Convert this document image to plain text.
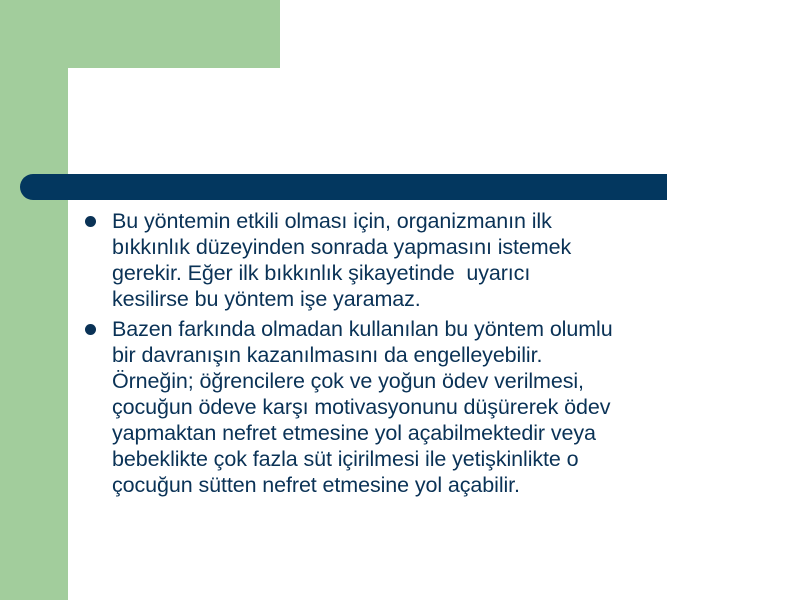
Bu yöntemin etkili olması için, organizmanın ilk
bıkkınlık düzeyinden sonrada yapmasını istemek
gerekir. Eğer ilk bıkkınlık şikayetinde  uyarıcı
kesilirse bu yöntem işe yaramaz.
Bazen farkında olmadan kullanılan bu yöntem olumlu
bir davranışın kazanılmasını da engelleyebilir.
Örneğin; öğrencilere çok ve yoğun ödev verilmesi,
çocuğun ödeve karşı motivasyonunu düşürerek ödev
yapmaktan nefret etmesine yol açabilmektedir veya
bebeklikte çok fazla süt içirilmesi ile yetişkinlikte o
çocuğun sütten nefret etmesine yol açabilir.
